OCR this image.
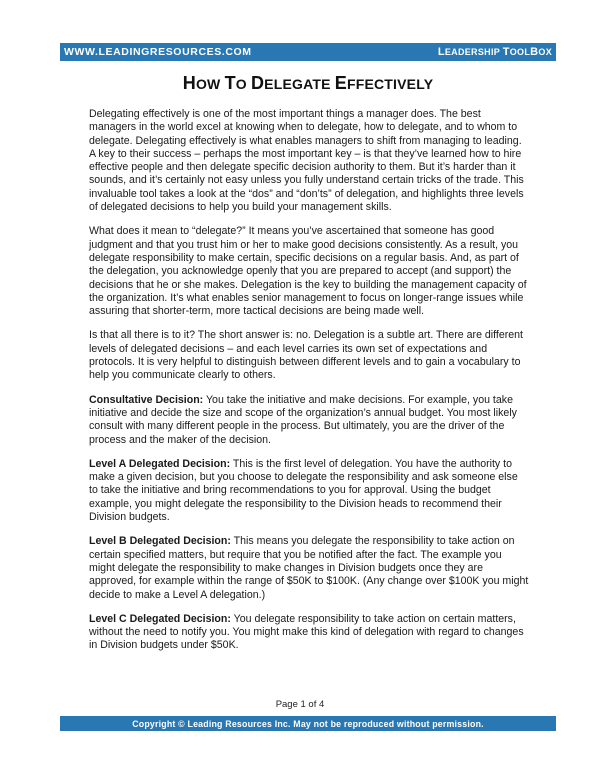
WWW.LEADINGRESOURCES.COM	LEADERSHIP TOOLBOX
HOW TO DELEGATE EFFECTIVELY

Delegating effectively is one of the most important things a manager does. The best managers in the world excel at knowing when to delegate, how to delegate, and to whom to delegate. Delegating effectively is what enables managers to shift from managing to leading. A key to their success – perhaps the most important key – is that they’ve learned how to hire effective people and then delegate specific decision authority to them. But it’s harder than it sounds, and it’s certainly not easy unless you fully understand certain tricks of the trade. This invaluable tool takes a look at the “dos” and “don’ts” of delegation, and highlights three levels of delegated decisions to help you build your management skills.

What does it mean to “delegate?” It means you’ve ascertained that someone has good judgment and that you trust him or her to make good decisions consistently. As a result, you delegate responsibility to make certain, specific decisions on a regular basis. And, as part of the delegation, you acknowledge openly that you are prepared to accept (and support) the decisions that he or she makes. Delegation is the key to building the management capacity of the organization. It’s what enables senior management to focus on longer-range issues while assuring that shorter-term, more tactical decisions are being made well.

Is that all there is to it? The short answer is: no. Delegation is a subtle art. There are different levels of delegated decisions – and each level carries its own set of expectations and protocols. It is very helpful to distinguish between different levels and to gain a vocabulary to help you communicate clearly to others.

Consultative Decision: You take the initiative and make decisions. For example, you take initiative and decide the size and scope of the organization’s annual budget. You most likely consult with many different people in the process. But ultimately, you are the driver of the process and the maker of the decision.

Level A Delegated Decision: This is the first level of delegation. You have the authority to make a given decision, but you choose to delegate the responsibility and ask someone else to take the initiative and bring recommendations to you for approval. Using the budget example, you might delegate the responsibility to the Division heads to recommend their Division budgets.

Level B Delegated Decision: This means you delegate the responsibility to take action on certain specified matters, but require that you be notified after the fact. The example you might delegate the responsibility to make changes in Division budgets once they are approved, for example within the range of $50K to $100K. (Any change over $100K you might decide to make a Level A delegation.)

Level C Delegated Decision: You delegate responsibility to take action on certain matters, without the need to notify you. You might make this kind of delegation with regard to changes in Division budgets under $50K.

Page 1 of 4
Copyright © Leading Resources Inc. May not be reproduced without permission.
